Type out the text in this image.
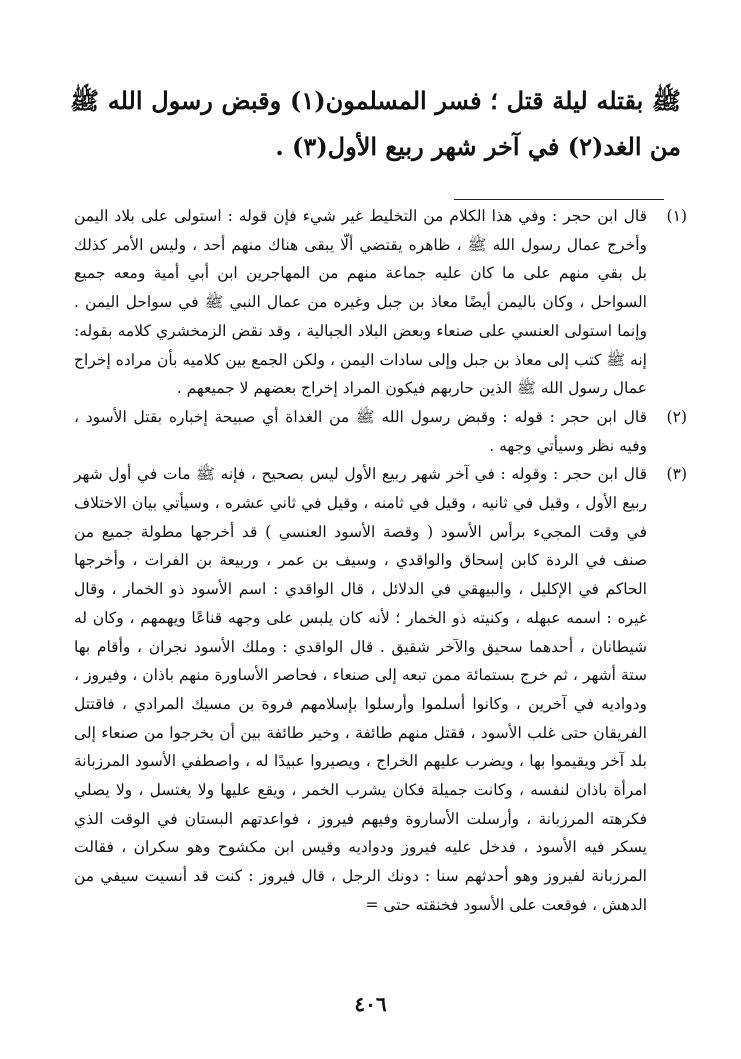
ﷺ بقتله ليلة قتل ؛ فسر المسلمون(١) وقبض رسول الله ﷺ من الغد(٢) في آخر شهر ربيع الأول(٣) .
(١)
قال ابن حجر : وفي هذا الكلام من التخليط غير شيء فإن قوله : استولى على بلاد اليمن وأخرج عمال رسول الله ﷺ ، ظاهره يقتضي ألّا يبقى هناك منهم أحد ، وليس الأمر كذلك بل بقي منهم على ما كان عليه جماعة منهم من المهاجرين ابن أبي أمية ومعه جميع السواحل ، وكان باليمن أيضًا معاذ بن جبل وغيره من عمال النبي ﷺ في سواحل اليمن . وإنما استولى العنسي على صنعاء وبعض البلاد الجبالية ، وقد نقض الزمخشري كلامه بقوله: إنه ﷺ كتب إلى معاذ بن جبل وإلى سادات اليمن ، ولكن الجمع بين كلاميه بأن مراده إخراج عمال رسول الله ﷺ الذين حاربهم فيكون المراد إخراج بعضهم لا جميعهم .
(٢)
قال ابن حجر : قوله : وقبض رسول الله ﷺ من الغداة أي صبيحة إخباره بقتل الأسود ، وفيه نظر وسيأتي وجهه .
(٣)
قال ابن حجر : وقوله : في آخر شهر ربيع الأول ليس بصحيح ، فإنه ﷺ مات في أول شهر ربيع الأول ، وقيل في ثانيه ، وقيل في ثامنه ، وقيل في ثاني عشره ، وسيأتي بيان الاختلاف في وقت المجيء برأس الأسود ( وقصة الأسود العنسي ) قد أخرجها مطولة جميع من صنف في الردة كابن إسحاق والواقدي ، وسيف بن عمر ، وربيعة بن الفرات ، وأخرجها الحاكم في الإكليل ، والبيهقي في الدلائل ، قال الواقدي : اسم الأسود ذو الخمار ، وقال غيره : اسمه عبهله ، وكنيته ذو الخمار ؛ لأنه كان يلبس على وجهه قناعًا ويهمهم ، وكان له شيطانان ، أحدهما سحيق والآخر شقيق . قال الواقدي : وملك الأسود نجران ، وأقام بها ستة أشهر ، ثم خرج بستمائة ممن تبعه إلى صنعاء ، فحاصر الأساورة منهم باذان ، وفيروز ، ودواديه في آخرين ، وكانوا أسلموا وأرسلوا بإسلامهم فروة بن مسيك المرادي ، فاقتتل الفريقان حتى غلب الأسود ، فقتل منهم طائفة ، وخير طائفة بين أن يخرجوا من صنعاء إلى بلد آخر ويقيموا بها ، ويضرب عليهم الخراج ، ويصيروا عبيدًا له ، واصطفي الأسود المرزبانة امرأة باذان لنفسه ، وكانت جميلة فكان يشرب الخمر ، ويقع عليها ولا يغتسل ، ولا يصلي فكرهته المرزبانة ، وأرسلت الأساروة وفيهم فيروز ، فواعدتهم البستان في الوقت الذي يسكر فيه الأسود ، فدخل عليه فيروز ودواديه وقيس ابن مكشوح وهو سكران ، فقالت المرزبانة لفيروز وهو أحدثهم سنا : دونك الرجل ، قال فيروز : كنت قد أنسيت سيفي من الدهش ، فوقعت على الأسود فخنقته حتى =
٤٠٦
